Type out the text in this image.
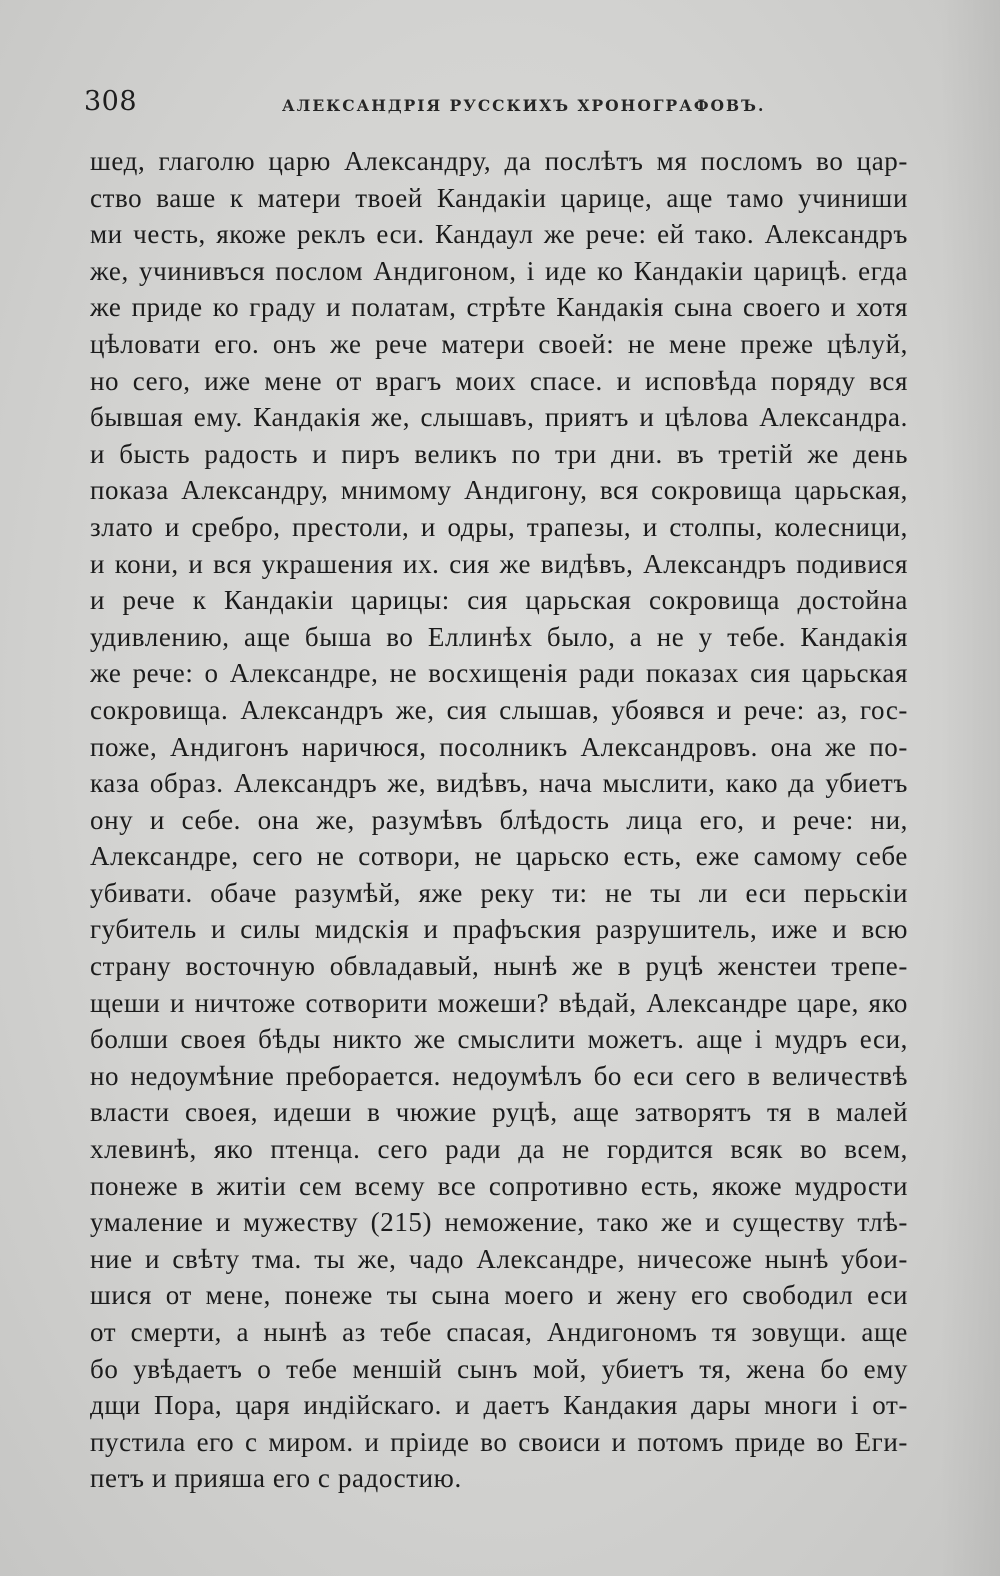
308	АЛЕКСАНДРІЯ РУССКИХЪ ХРОНОГРАФОВЪ.
шед, глаголю царю Александру, да послѣтъ мя посломъ во цар-
ство ваше к матери твоей Кандакіи царице, аще тамо учиниши
ми честь, якоже реклъ еси. Кандаул же рече: ей тако. Александръ
же, учинивъся послом Андигоном, і иде ко Кандакіи царицѣ. егда
же приде ко граду и полатам, стрѣте Кандакія сына своего и хотя
цѣловати его. онъ же рече матери своей: не мене преже цѣлуй,
но сего, иже мене от врагъ моих спасе. и исповѣда поряду вся
бывшая ему. Кандакія же, слышавъ, приятъ и цѣлова Александра.
и бысть радость и пиръ великъ по три дни. въ третій же день
показа Александру, мнимому Андигону, вся сокровища царьская,
злато и сребро, престоли, и одры, трапезы, и столпы, колесници,
и кони, и вся украшения их. сия же видѣвъ, Александръ подивися
и рече к Кандакіи царицы: сия царьская сокровища достойна
удивлению, аще быша во Еллинѣх было, а не у тебе. Кандакія
же рече: о Александре, не восхищенія ради показах сия царьская
сокровища. Александръ же, сия слышав, убоявся и рече: аз, гос-
поже, Андигонъ наричюся, посолникъ Александровъ. она же по-
каза образ. Александръ же, видѣвъ, нача мыслити, како да убиетъ
ону и себе. она же, разумѣвъ блѣдость лица его, и рече: ни,
Александре, сего не сотвори, не царьско есть, еже самому себе
убивати. обаче разумѣй, яже реку ти: не ты ли еси перьскіи
губитель и силы мидскія и прафъския разрушитель, иже и всю
страну восточную обвладавый, нынѣ же в руцѣ женстеи трепе-
щеши и ничтоже сотворити можеши? вѣдай, Александре царе, яко
болши своея бѣды никто же смыслити можетъ. аще і мудръ еси,
но недоумѣние преборается. недоумѣлъ бо еси сего в величествѣ
власти своея, идеши в чюжие руцѣ, аще затворятъ тя в малей
хлевинѣ, яко птенца. сего ради да не гордится всяк во всем,
понеже в житіи сем всему все сопротивно есть, якоже мудрости
умаление и мужеству (215) неможение, тако же и существу тлѣ-
ние и свѣту тма. ты же, чадо Александре, ничесоже нынѣ убои-
шися от мене, понеже ты сына моего и жену его свободил еси
от смерти, а нынѣ аз тебе спасая, Андигономъ тя зовущи. аще
бо увѣдаетъ о тебе меншій сынъ мой, убиетъ тя, жена бо ему
дщи Пора, царя индійскаго. и даетъ Кандакия дары многи і от-
пустила его с миром. и пріиде во своиси и потомъ приде во Еги-
петъ и прияша его с радостию.
